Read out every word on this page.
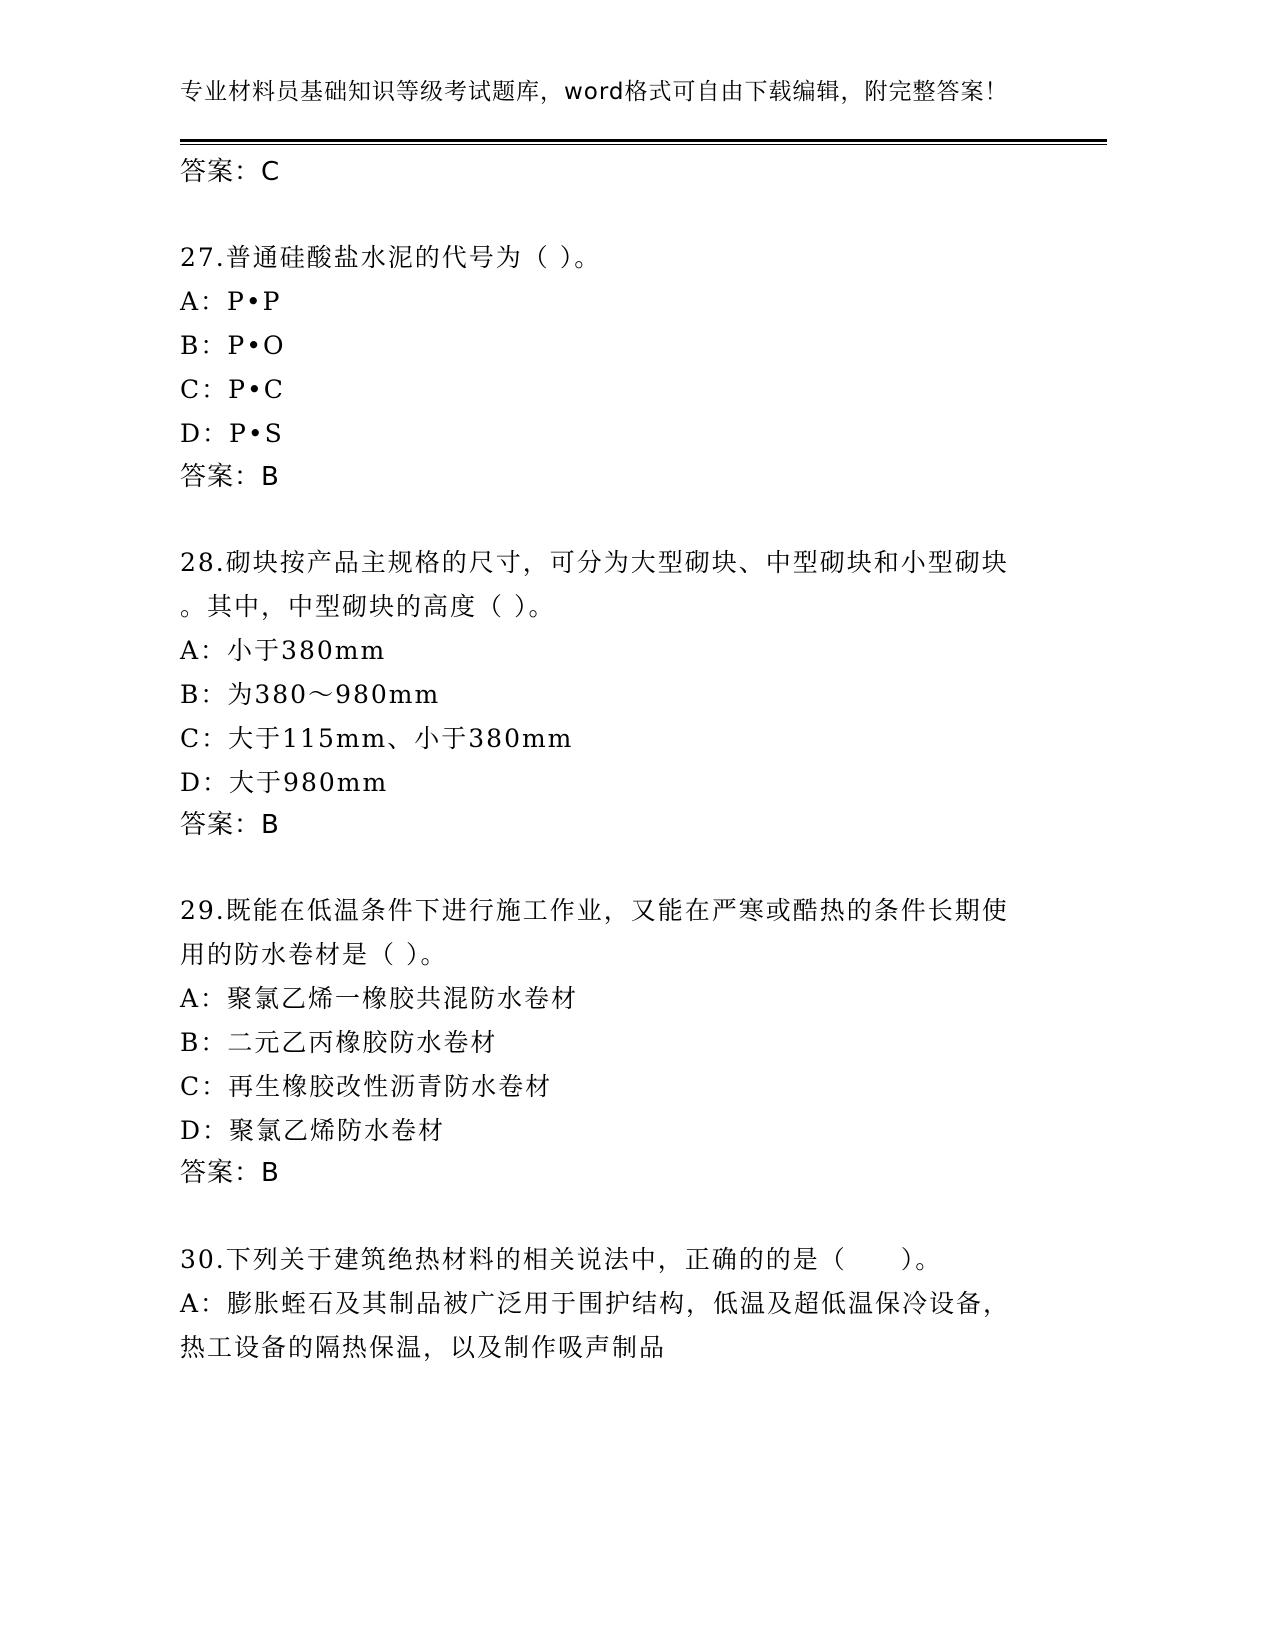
专业材料员基础知识等级考试题库，word格式可自由下载编辑，附完整答案！
答案：C
27.普通硅酸盐水泥的代号为（ ）。
A：P•P
B：P•O
C：P•C
D：P•S
答案：B
28.砌块按产品主规格的尺寸，可分为大型砌块、中型砌块和小型砌块
。其中，中型砌块的高度（ ）。
A：小于380mm
B：为380～980mm
C：大于115mm、小于380mm
D：大于980mm
答案：B
29.既能在低温条件下进行施工作业，又能在严寒或酷热的条件长期使
用的防水卷材是（ ）。
A：聚氯乙烯一橡胶共混防水卷材
B：二元乙丙橡胶防水卷材
C：再生橡胶改性沥青防水卷材
D：聚氯乙烯防水卷材
答案：B
30.下列关于建筑绝热材料的相关说法中，正确的的是（　　）。
A：膨胀蛭石及其制品被广泛用于围护结构，低温及超低温保冷设备，
热工设备的隔热保温，以及制作吸声制品
